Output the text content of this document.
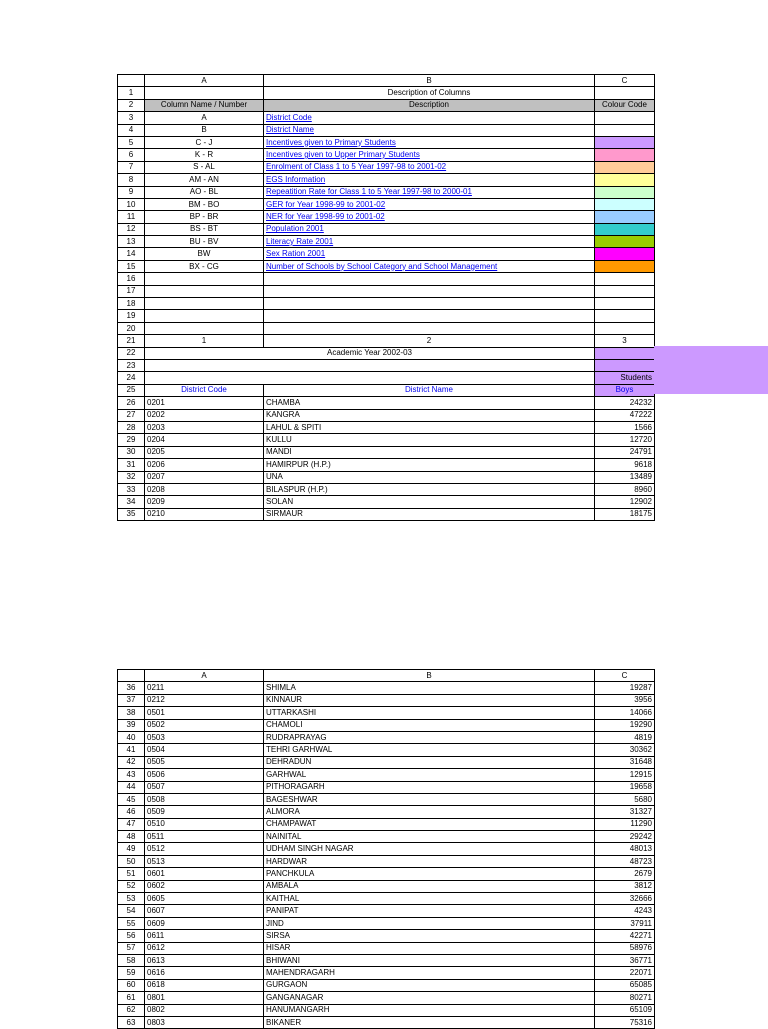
	A	B	C
1		Description of Columns	
2	Column Name / Number	Description	Colour Code
3	A	District Code	
4	B	District Name	
5	C - J	Incentives given to Primary Students	
6	K - R	Incentives given to Upper Primary Students	
7	S - AL	Enrolment of Class 1 to 5 Year 1997-98 to 2001-02	
8	AM - AN	EGS Information	
9	AO - BL	Repeatition Rate for Class 1 to 5 Year 1997-98 to 2000-01	
10	BM - BO	GER for Year 1998-99 to 2001-02	
11	BP - BR	NER for Year 1998-99 to 2001-02	
12	BS - BT	Population 2001	
13	BU - BV	Literacy Rate 2001	
14	BW	Sex Ration 2001	
15	BX - CG	Number of Schools by School Category and School Management	
16			
17			
18			
19			
20			
21	1	2	3
22	Academic Year 2002-03		
23			
24			Students
25	District Code	District Name	Boys
26	0201	CHAMBA	24232
27	0202	KANGRA	47222
28	0203	LAHUL & SPITI	1566
29	0204	KULLU	12720
30	0205	MANDI	24791
31	0206	HAMIRPUR (H.P.)	9618
32	0207	UNA	13489
33	0208	BILASPUR (H.P.)	8960
34	0209	SOLAN	12902
35	0210	SIRMAUR	18175
	A	B	C
36	0211	SHIMLA	19287
37	0212	KINNAUR	3956
38	0501	UTTARKASHI	14066
39	0502	CHAMOLI	19290
40	0503	RUDRAPRAYAG	4819
41	0504	TEHRI GARHWAL	30362
42	0505	DEHRADUN	31648
43	0506	GARHWAL	12915
44	0507	PITHORAGARH	19658
45	0508	BAGESHWAR	5680
46	0509	ALMORA	31327
47	0510	CHAMPAWAT	11290
48	0511	NAINITAL	29242
49	0512	UDHAM SINGH NAGAR	48013
50	0513	HARDWAR	48723
51	0601	PANCHKULA	2679
52	0602	AMBALA	3812
53	0605	KAITHAL	32666
54	0607	PANIPAT	4243
55	0609	JIND	37911
56	0611	SIRSA	42271
57	0612	HISAR	58976
58	0613	BHIWANI	36771
59	0616	MAHENDRAGARH	22071
60	0618	GURGAON	65085
61	0801	GANGANAGAR	80271
62	0802	HANUMANGARH	65109
63	0803	BIKANER	75316
